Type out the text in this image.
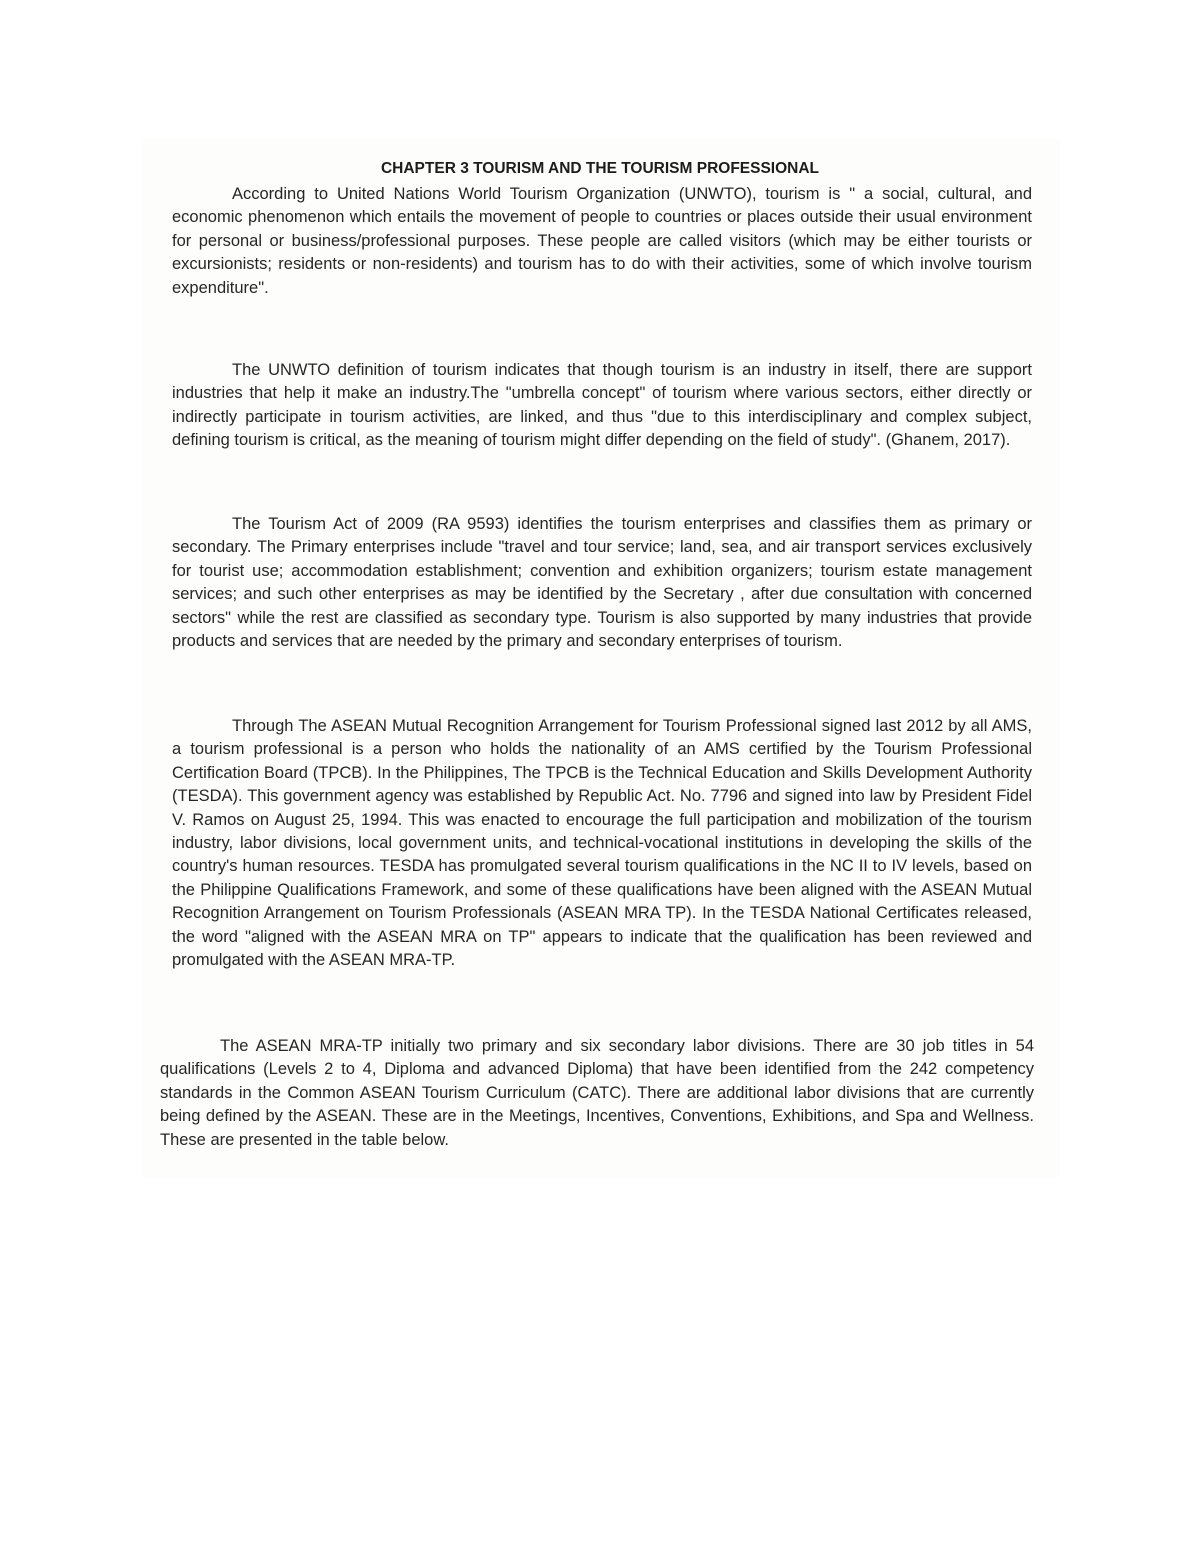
CHAPTER 3 TOURISM AND THE TOURISM PROFESSIONAL

According to United Nations World Tourism Organization (UNWTO), tourism is " a social, cultural, and economic phenomenon which entails the movement of people to countries or places outside their usual environment for personal or business/professional purposes. These people are called visitors (which may be either tourists or excursionists; residents or non-residents) and tourism has to do with their activities, some of which involve tourism expenditure".

The UNWTO definition of tourism indicates that though tourism is an industry in itself, there are support industries that help it make an industry.The "umbrella concept" of tourism where various sectors, either directly or indirectly participate in tourism activities, are linked, and thus "due to this interdisciplinary and complex subject, defining tourism is critical, as the meaning of tourism might differ depending on the field of study". (Ghanem, 2017).

The Tourism Act of 2009 (RA 9593) identifies the tourism enterprises and classifies them as primary or secondary. The Primary enterprises include "travel and tour service; land, sea, and air transport services exclusively for tourist use; accommodation establishment; convention and exhibition organizers; tourism estate management services; and such other enterprises as may be identified by the Secretary , after due consultation with concerned sectors" while the rest are classified as secondary type. Tourism is also supported by many industries that provide products and services that are needed by the primary and secondary enterprises of tourism.

Through The ASEAN Mutual Recognition Arrangement for Tourism Professional signed last 2012 by all AMS, a tourism professional is a person who holds the nationality of an AMS certified by the Tourism Professional Certification Board (TPCB). In the Philippines, The TPCB is the Technical Education and Skills Development Authority (TESDA). This government agency was established by Republic Act. No. 7796 and signed into law by President Fidel V. Ramos on August 25, 1994. This was enacted to encourage the full participation and mobilization of the tourism industry, labor divisions, local government units, and technical-vocational institutions in developing the skills of the country's human resources. TESDA has promulgated several tourism qualifications in the NC II to IV levels, based on the Philippine Qualifications Framework, and some of these qualifications have been aligned with the ASEAN Mutual Recognition Arrangement on Tourism Professionals (ASEAN MRA TP). In the TESDA National Certificates released, the word "aligned with the ASEAN MRA on TP" appears to indicate that the qualification has been reviewed and promulgated with the ASEAN MRA-TP.

The ASEAN MRA-TP initially two primary and six secondary labor divisions. There are 30 job titles in 54 qualifications (Levels 2 to 4, Diploma and advanced Diploma) that have been identified from the 242 competency standards in the Common ASEAN Tourism Curriculum (CATC). There are additional labor divisions that are currently being defined by the ASEAN. These are in the Meetings, Incentives, Conventions, Exhibitions, and Spa and Wellness. These are presented in the table below.
